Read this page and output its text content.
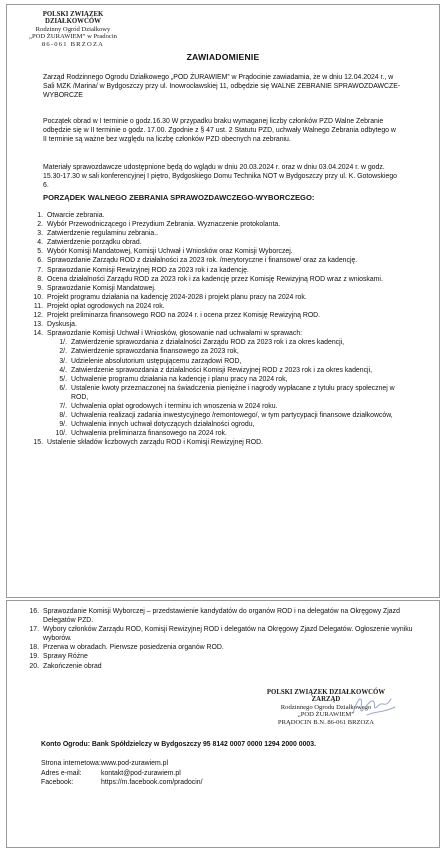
POLSKI ZWIĄZEK DZIAŁKOWCÓW
Rodzinny Ogród Działkowy
„POD ŻURAWIEM” w Pradocin
86-061 BRZOZA
ZAWIADOMIENIE
Zarząd Rodzinnego Ogrodu Działkowego „POD ŻURAWIEM” w Prądocinie zawiadamia, że w dniu 12.04.2024 r., w Sali MZK /Marina/ w Bydgoszczy przy ul. Inowrocławskiej 11, odbędzie się WALNE ZEBRANIE SPRAWOZDAWCZE-WYBORCZE
Początek obrad w I terminie o godz.16.30 W przypadku braku wymaganej liczby członków PZD Walne Zebranie odbędzie się w II terminie o godz. 17.00. Zgodnie z § 47 ust. 2 Statutu PZD, uchwały Walnego Zebrania odbytego w II terminie są ważne bez względu na liczbę członków PZD obecnych na zebraniu.
Materiały sprawozdawcze udostępnione będą do wglądu w dniu 20.03.2024 r. oraz w dniu 03.04.2024 r. w godz. 15.30-17.30 w sali konferencyjnej I piętro, Bydgoskiego Domu Technika NOT w Bydgoszczy przy ul. K. Gotowskiego 6.
PORZĄDEK WALNEGO ZEBRANIA SPRAWOZDAWCZEGO-WYBORCZEGO:
1. Otwarcie zebrania.
2. Wybór Przewodniczącego i Prezydium Zebrania. Wyznaczenie protokolanta.
3. Zatwierdzenie regulaminu zebrania..
4. Zatwierdzenie porządku obrad.
5. Wybór Komisji Mandatowej, Komisji Uchwał i Wniosków oraz Komisji Wyborczej.
6. Sprawozdanie Zarządu ROD z działalności za 2023 rok. /merytoryczne i finansowe/ oraz za kadencję.
7. Sprawozdanie Komisji Rewizyjnej ROD za 2023 rok i za kadencję.
8. Ocena działalności Zarządu ROD za 2023 rok i za kadencję przez Komisję Rewizyjną ROD wraz z wnioskami.
9. Sprawozdanie Komisji Mandatowej.
10. Projekt programu działania na kadencję 2024-2028 i projekt planu pracy na 2024 rok.
11. Projekt opłat ogrodowych na 2024 rok.
12. Projekt preliminarza finansowego ROD na 2024 r. i ocena przez Komisję Rewizyjną ROD.
13. Dyskusja.
14. Sprawozdanie Komisji Uchwał i Wniosków, głosowanie nad uchwałami w sprawach:
1/. Zatwierdzenie sprawozdania z działalności Zarządu ROD za 2023 rok i za okres kadencji,
2/. Zatwierdzenie sprawozdania finansowego za 2023 rok,
3/. Udzielenie absolutorium ustępującemu zarządowi ROD,
4/. Zatwierdzenie sprawozdania z działalności Komisji Rewizyjnej ROD z 2023 rok i za okres kadencji,
5/. Uchwalenie programu działania na kadencję i planu pracy na 2024 rok,
6/. Ustalenie kwoty przeznaczonej na świadczenia pieniężne i nagrody wypłacane z tytułu pracy społecznej w ROD,
7/. Uchwalenia opłat ogrodowych i terminu ich wnoszenia w 2024 roku.
8/. Uchwalenia realizacji zadania inwestycyjnego /remontowego/, w tym partycypacji finansowe działkowców,
9/. Uchwalenia innych uchwał dotyczących działalności ogrodu,
10/. Uchwalenia preliminarza finansowego na 2024 rok.
15. Ustalenie składów liczbowych zarządu ROD i Komisji Rewizyjnej ROD.
16. Sprawozdanie Komisji Wyborczej – przedstawienie kandydatów do organów ROD i na delegatów na Okręgowy Zjazd Delegatów PZD.
17. Wybory członków Zarządu ROD, Komisji Rewizyjnej ROD i delegatów na Okręgowy Zjazd Delegatów. Ogłoszenie wyniku wyborów.
18. Przerwa w obradach. Pierwsze posiedzenia organów ROD.
19. Sprawy Różne
20. Zakończenie obrad
POLSKI ZWIĄZEK DZIAŁKOWCÓW
ZARZĄD
Rodzinnego Ogrodu Działkowego
„POD ŻURAWIEM”
PRĄDOCIN B.N. 86-061 BRZOZA
Konto Ogrodu: Bank Spółdzielczy w Bydgoszczy 95 8142 0007 0000 1294 2000 0003.
Strona internetowa:www.pod-zurawiem.pl
Adres e-mail:	kontakt@pod-zurawiem.pl
Facebook:	https://m.facebook.com/pradocin/
